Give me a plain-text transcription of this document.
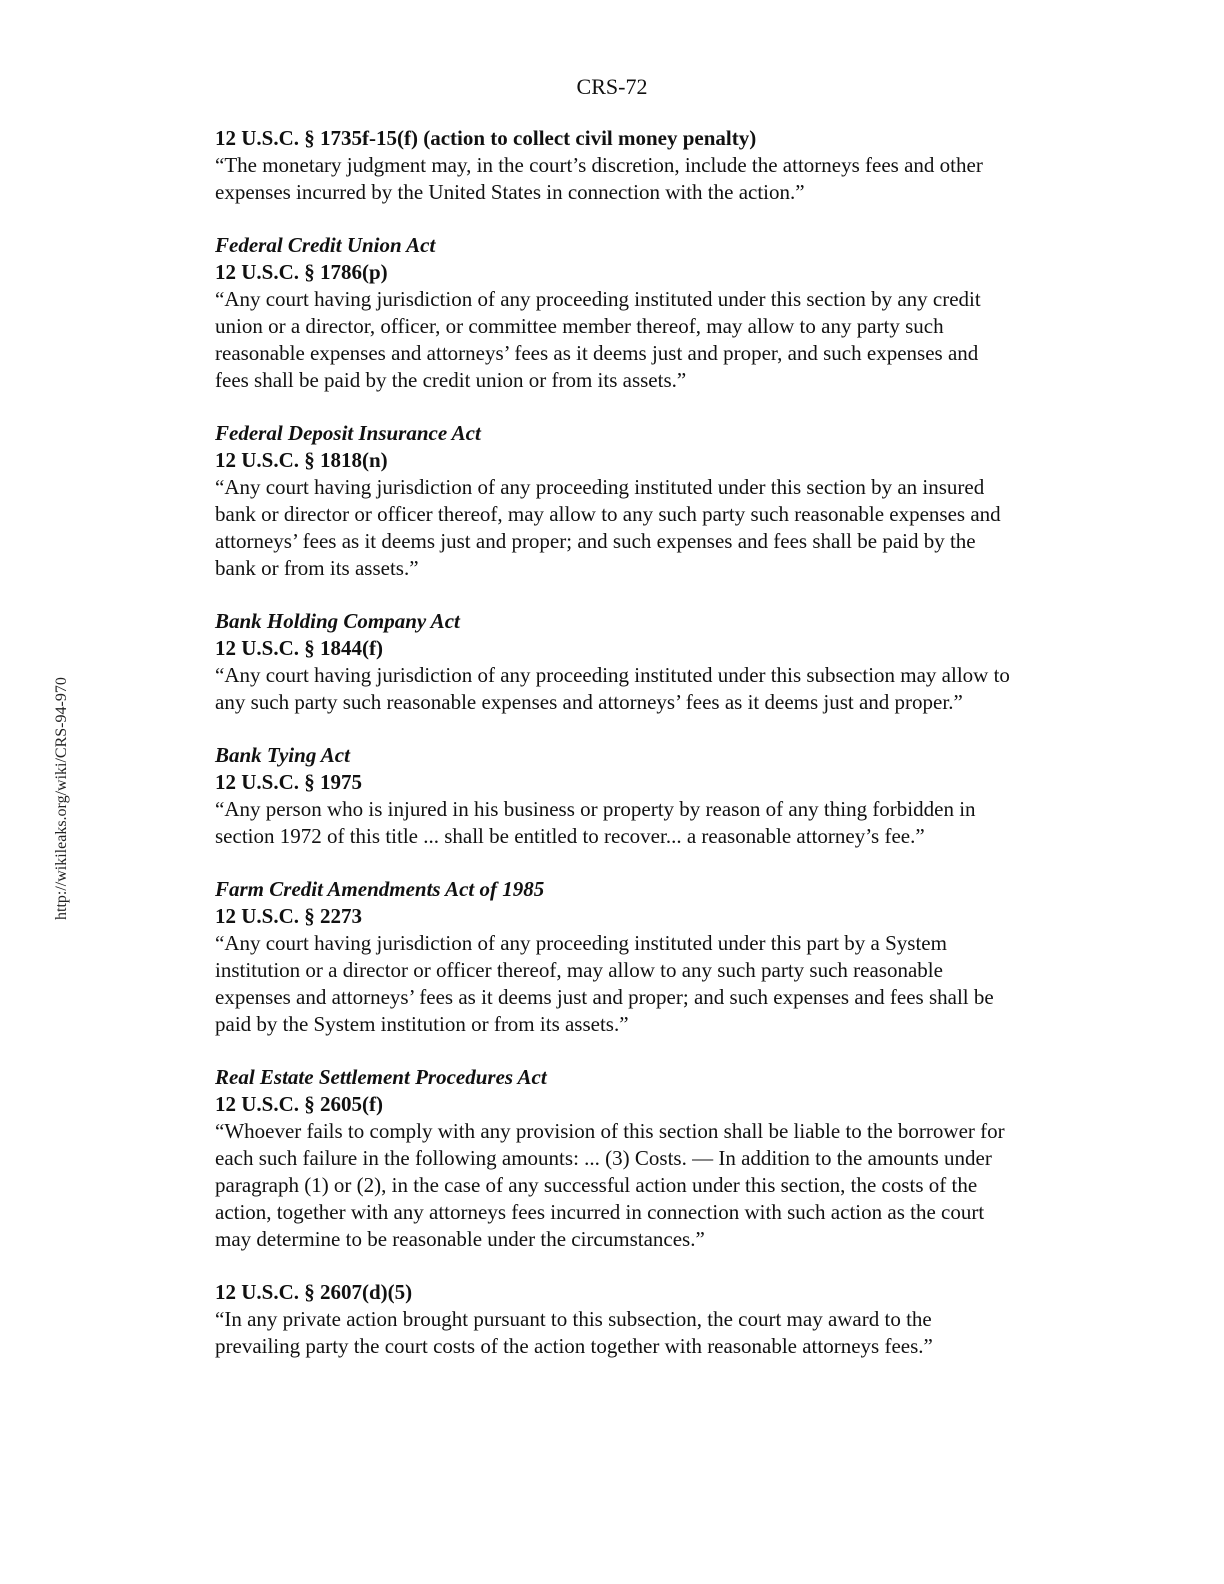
CRS-72
http://wikileaks.org/wiki/CRS-94-970
12 U.S.C. § 1735f-15(f) (action to collect civil money penalty)
“The monetary judgment may, in the court’s discretion, include the attorneys fees and other expenses incurred by the United States in connection with the action.”
Federal Credit Union Act
12 U.S.C. § 1786(p)
“Any court having jurisdiction of any proceeding instituted under this section by any credit union or a director, officer, or committee member thereof, may allow to any party such reasonable expenses and attorneys’ fees as it deems just and proper, and such expenses and fees shall be paid by the credit union or from its assets.”
Federal Deposit Insurance Act
12 U.S.C. § 1818(n)
“Any court having jurisdiction of any proceeding instituted under this section by an insured bank or director or officer thereof, may allow to any such party such reasonable expenses and attorneys’ fees as it deems just and proper; and such expenses and fees shall be paid by the bank or from its assets.”
Bank Holding Company Act
12 U.S.C. § 1844(f)
“Any court having jurisdiction of any proceeding instituted under this subsection may allow to any such party such reasonable expenses and attorneys’ fees as it deems just and proper.”
Bank Tying Act
12 U.S.C. § 1975
“Any person who is injured in his business or property by reason of any thing forbidden in section 1972 of this title ... shall be entitled to recover... a reasonable attorney’s fee.”
Farm Credit Amendments Act of 1985
12 U.S.C. § 2273
“Any court having jurisdiction of any proceeding instituted under this part by a System institution or a director or officer thereof, may allow to any such party such reasonable expenses and attorneys’ fees as it deems just and proper; and such expenses and fees shall be paid by the System institution or from its assets.”
Real Estate Settlement Procedures Act
12 U.S.C. § 2605(f)
“Whoever fails to comply with any provision of this section shall be liable to the borrower for each such failure in the following amounts: ... (3) Costs. — In addition to the amounts under paragraph (1) or (2), in the case of any successful action under this section, the costs of the action, together with any attorneys fees incurred in connection with such action as the court may determine to be reasonable under the circumstances.”
12 U.S.C. § 2607(d)(5)
“In any private action brought pursuant to this subsection, the court may award to the prevailing party the court costs of the action together with reasonable attorneys fees.”
